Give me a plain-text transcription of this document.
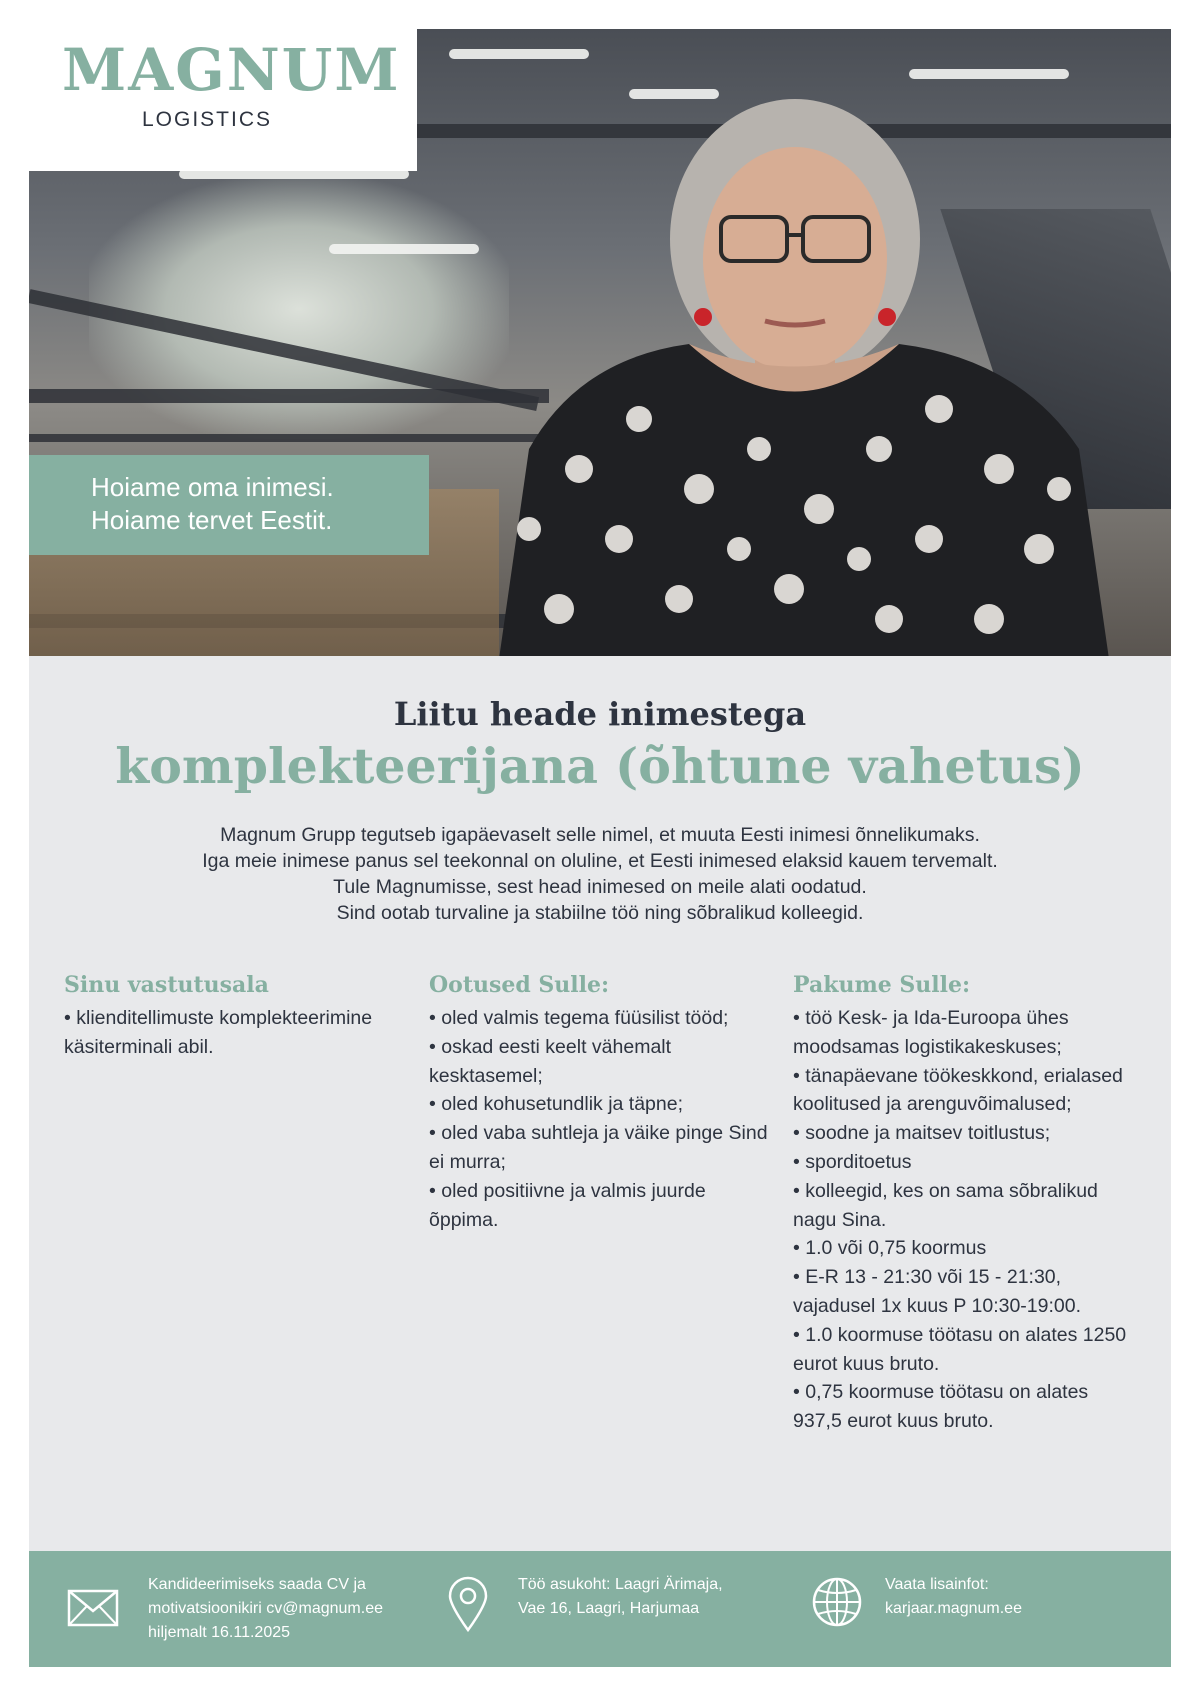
MAGNUM
LOGISTICS
Hoiame oma inimesi.
Hoiame tervet Eestit.
Liitu heade inimestega
komplekteerijana (õhtune vahetus)
Magnum Grupp tegutseb igapäevaselt selle nimel, et muuta Eesti inimesi õnnelikumaks.
Iga meie inimese panus sel teekonnal on oluline, et Eesti inimesed elaksid kauem tervemalt.
Tule Magnumisse, sest head inimesed on meile alati oodatud.
Sind ootab turvaline ja stabiilne töö ning sõbralikud kolleegid.
Sinu vastutusala
• klienditellimuste komplekteerimine käsiterminali abil.
Ootused Sulle:
• oled valmis tegema füüsilist tööd;
• oskad eesti keelt vähemalt kesktasemel;
• oled kohusetundlik ja täpne;
• oled vaba suhtleja ja väike pinge Sind ei murra;
• oled positiivne ja valmis juurde õppima.
Pakume Sulle:
• töö Kesk- ja Ida-Euroopa ühes moodsamas logistikakeskuses;
• tänapäevane töökeskkond, erialased koolitused ja arenguvõimalused;
• soodne ja maitsev toitlustus;
• sporditoetus
• kolleegid, kes on sama sõbralikud nagu Sina.
• 1.0 või 0,75 koormus
• E-R 13 - 21:30 või 15 - 21:30, vajadusel 1x kuus P 10:30-19:00.
• 1.0 koormuse töötasu on alates 1250 eurot kuus bruto.
• 0,75 koormuse töötasu on alates 937,5 eurot kuus bruto.
Kandideerimiseks saada CV ja
motivatsioonikiri cv@magnum.ee
hiljemalt 16.11.2025
Töö asukoht: Laagri Ärimaja,
Vae 16, Laagri, Harjumaa
Vaata lisainfot:
karjaar.magnum.ee
